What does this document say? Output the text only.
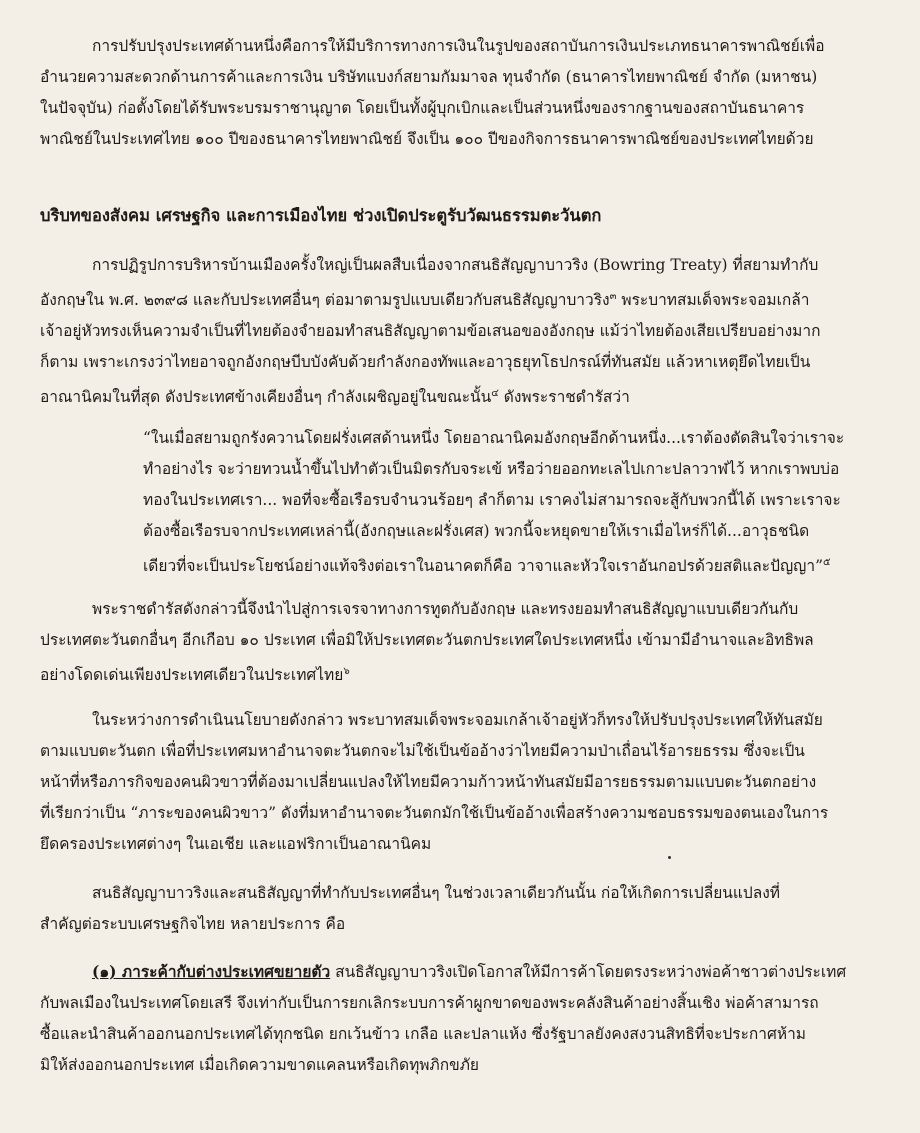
การปรับปรุงประเทศด้านหนึ่งคือการให้มีบริการทางการเงินในรูปของสถาบันการเงินประเภทธนาคารพาณิชย์เพื่อ
อำนวยความสะดวกด้านการค้าและการเงิน บริษัทแบงก์สยามกัมมาจล ทุนจำกัด (ธนาคารไทยพาณิชย์ จำกัด (มหาชน)
ในปัจจุบัน) ก่อตั้งโดยได้รับพระบรมราชานุญาต โดยเป็นทั้งผู้บุกเบิกและเป็นส่วนหนึ่งของรากฐานของสถาบันธนาคาร
พาณิชย์ในประเทศไทย ๑๐๐ ปีของธนาคารไทยพาณิชย์ จึงเป็น ๑๐๐ ปีของกิจการธนาคารพาณิชย์ของประเทศไทยด้วย
บริบทของสังคม เศรษฐกิจ และการเมืองไทย ช่วงเปิดประตูรับวัฒนธรรมตะวันตก
การปฏิรูปการบริหารบ้านเมืองครั้งใหญ่เป็นผลสืบเนื่องจากสนธิสัญญาบาวริง (Bowring Treaty) ที่สยามทำกับ
อังกฤษใน พ.ศ. ๒๓๙๘ และกับประเทศอื่นๆ ต่อมาตามรูปแบบเดียวกับสนธิสัญญาบาวริง$^๓$ พระบาทสมเด็จพระจอมเกล้า
เจ้าอยู่หัวทรงเห็นความจำเป็นที่ไทยต้องจำยอมทำสนธิสัญญาตามข้อเสนอของอังกฤษ แม้ว่าไทยต้องเสียเปรียบอย่างมาก
ก็ตาม เพราะเกรงว่าไทยอาจถูกอังกฤษบีบบังคับด้วยกำลังกองทัพและอาวุธยุทโธปกรณ์ที่ทันสมัย แล้วหาเหตุยึดไทยเป็น
อาณานิคมในที่สุด ดังประเทศข้างเคียงอื่นๆ กำลังเผชิญอยู่ในขณะนั้น$^๔$ ดังพระราชดำรัสว่า
“ในเมื่อสยามถูกรังควานโดยฝรั่งเศสด้านหนึ่ง โดยอาณานิคมอังกฤษอีกด้านหนึ่ง...เราต้องตัดสินใจว่าเราจะ
ทำอย่างไร จะว่ายทวนน้ำขึ้นไปทำตัวเป็นมิตรกับจระเข้ หรือว่ายออกทะเลไปเกาะปลาวาฬไว้ หากเราพบบ่อ
ทองในประเทศเรา... พอที่จะซื้อเรือรบจำนวนร้อยๆ ลำก็ตาม เราคงไม่สามารถจะสู้กับพวกนี้ได้ เพราะเราจะ
ต้องซื้อเรือรบจากประเทศเหล่านี้(อังกฤษและฝรั่งเศส) พวกนี้จะหยุดขายให้เราเมื่อไหร่ก็ได้...อาวุธชนิด
เดียวที่จะเป็นประโยชน์อย่างแท้จริงต่อเราในอนาคตก็คือ วาจาและหัวใจเราอันกอปรด้วยสติและปัญญา”$^๕$
พระราชดำรัสดังกล่าวนี้จึงนำไปสู่การเจรจาทางการทูตกับอังกฤษ และทรงยอมทำสนธิสัญญาแบบเดียวกันกับ
ประเทศตะวันตกอื่นๆ อีกเกือบ ๑๐ ประเทศ เพื่อมิให้ประเทศตะวันตกประเทศใดประเทศหนึ่ง เข้ามามีอำนาจและอิทธิพล
อย่างโดดเด่นเพียงประเทศเดียวในประเทศไทย$^๖$
ในระหว่างการดำเนินนโยบายดังกล่าว พระบาทสมเด็จพระจอมเกล้าเจ้าอยู่หัวก็ทรงให้ปรับปรุงประเทศให้ทันสมัย
ตามแบบตะวันตก เพื่อที่ประเทศมหาอำนาจตะวันตกจะไม่ใช้เป็นข้ออ้างว่าไทยมีความป่าเถื่อนไร้อารยธรรม ซึ่งจะเป็น
หน้าที่หรือภารกิจของคนผิวขาวที่ต้องมาเปลี่ยนแปลงให้ไทยมีความก้าวหน้าทันสมัยมีอารยธรรมตามแบบตะวันตกอย่าง
ที่เรียกว่าเป็น “ภาระของคนผิวขาว” ดังที่มหาอำนาจตะวันตกมักใช้เป็นข้ออ้างเพื่อสร้างความชอบธรรมของตนเองในการ
ยึดครองประเทศต่างๆ ในเอเชีย และแอฟริกาเป็นอาณานิคม
สนธิสัญญาบาวริงและสนธิสัญญาที่ทำกับประเทศอื่นๆ ในช่วงเวลาเดียวกันนั้น ก่อให้เกิดการเปลี่ยนแปลงที่
สำคัญต่อระบบเศรษฐกิจไทย หลายประการ คือ
(๑) ภาระค้ากับต่างประเทศขยายตัว สนธิสัญญาบาวริงเปิดโอกาสให้มีการค้าโดยตรงระหว่างพ่อค้าชาวต่างประเทศ
กับพลเมืองในประเทศโดยเสรี จึงเท่ากับเป็นการยกเลิกระบบการค้าผูกขาดของพระคลังสินค้าอย่างสิ้นเชิง พ่อค้าสามารถ
ซื้อและนำสินค้าออกนอกประเทศได้ทุกชนิด ยกเว้นข้าว เกลือ และปลาแห้ง ซึ่งรัฐบาลยังคงสงวนสิทธิที่จะประกาศห้าม
มิให้ส่งออกนอกประเทศ เมื่อเกิดความขาดแคลนหรือเกิดทุพภิกขภัย
